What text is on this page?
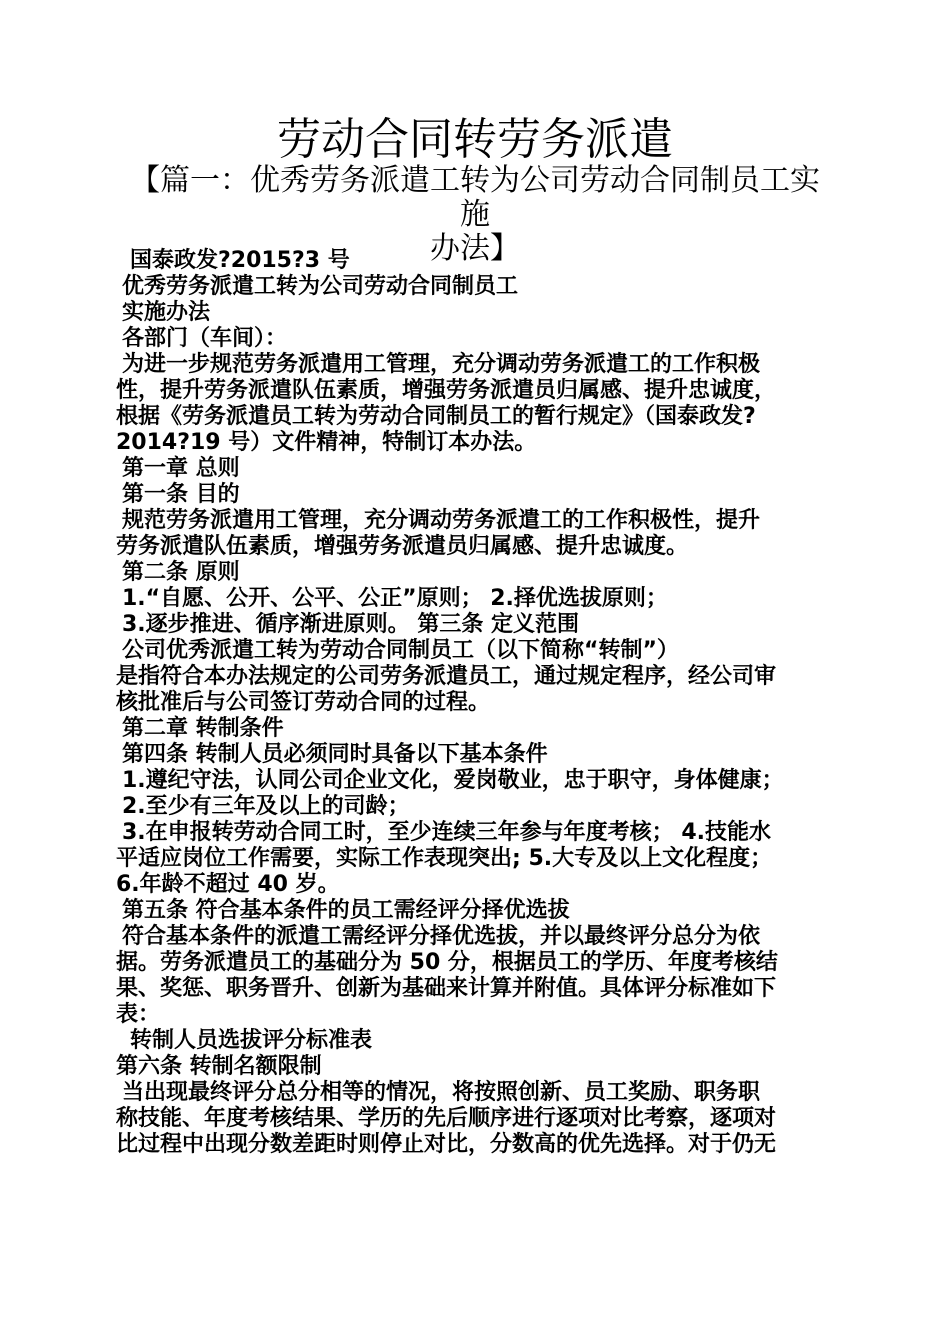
劳动合同转劳务派遣
【篇一：优秀劳务派遣工转为公司劳动合同制员工实施
办法】
国泰政发?2015?3 号
优秀劳务派遣工转为公司劳动合同制员工
实施办法
各部门（车间）：
为进一步规范劳务派遣用工管理，充分调动劳务派遣工的工作积极
性，提升劳务派遣队伍素质，增强劳务派遣员归属感、提升忠诚度，
根据《劳务派遣员工转为劳动合同制员工的暂行规定》（国泰政发?
2014?19 号）文件精神，特制订本办法。
第一章 总则
第一条 目的
规范劳务派遣用工管理，充分调动劳务派遣工的工作积极性，提升
劳务派遣队伍素质，增强劳务派遣员归属感、提升忠诚度。
第二条 原则
1.“自愿、公开、公平、公正”原则； 2.择优选拔原则；
3.逐步推进、循序渐进原则。 第三条 定义范围
公司优秀派遣工转为劳动合同制员工（以下简称“转制”）
是指符合本办法规定的公司劳务派遣员工，通过规定程序，经公司审
核批准后与公司签订劳动合同的过程。
第二章 转制条件
第四条 转制人员必须同时具备以下基本条件
1.遵纪守法，认同公司企业文化，爱岗敬业，忠于职守，身体健康；
2.至少有三年及以上的司龄；
3.在申报转劳动合同工时，至少连续三年参与年度考核； 4.技能水
平适应岗位工作需要，实际工作表现突出; 5.大专及以上文化程度；
6.年龄不超过 40 岁。
第五条 符合基本条件的员工需经评分择优选拔
符合基本条件的派遣工需经评分择优选拔，并以最终评分总分为依
据。劳务派遣员工的基础分为 50 分，根据员工的学历、年度考核结
果、奖惩、职务晋升、创新为基础来计算并附值。具体评分标准如下
表：
转制人员选拔评分标准表
第六条 转制名额限制
当出现最终评分总分相等的情况，将按照创新、员工奖励、职务职
称技能、年度考核结果、学历的先后顺序进行逐项对比考察，逐项对
比过程中出现分数差距时则停止对比，分数高的优先选择。对于仍无
